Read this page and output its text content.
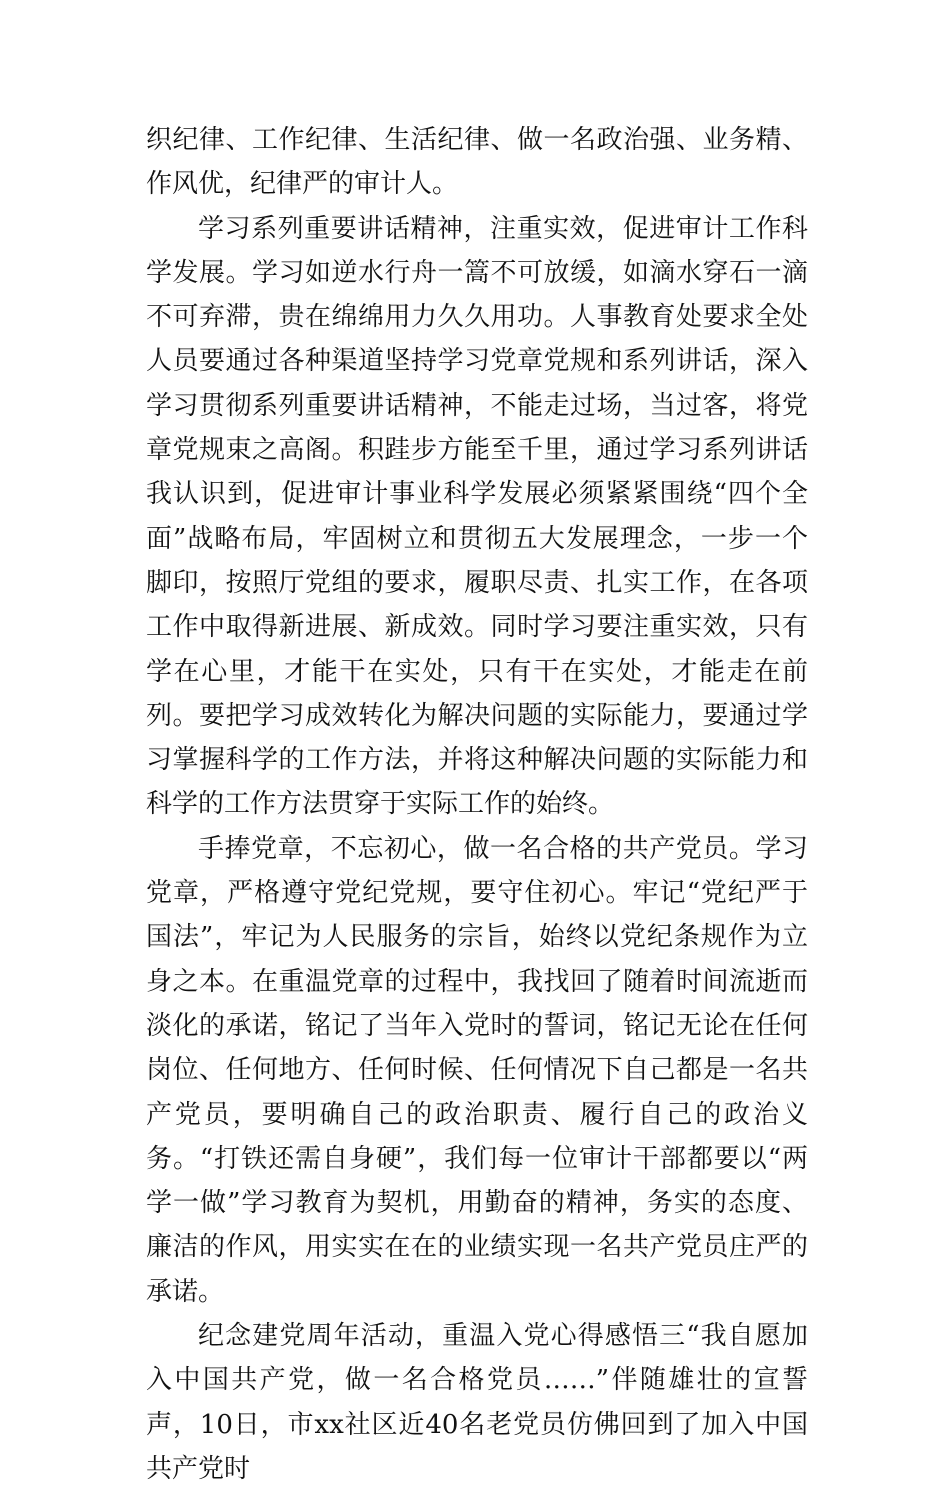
织纪律、工作纪律、生活纪律、做一名政治强、业务精、作风优，纪律严的审计人。

学习系列重要讲话精神，注重实效，促进审计工作科学发展。学习如逆水行舟一篙不可放缓，如滴水穿石一滴不可弃滞，贵在绵绵用力久久用功。人事教育处要求全处人员要通过各种渠道坚持学习党章党规和系列讲话，深入学习贯彻系列重要讲话精神，不能走过场，当过客，将党章党规束之高阁。积跬步方能至千里，通过学习系列讲话我认识到，促进审计事业科学发展必须紧紧围绕“四个全面”战略布局，牢固树立和贯彻五大发展理念，一步一个脚印，按照厅党组的要求，履职尽责、扎实工作，在各项工作中取得新进展、新成效。同时学习要注重实效，只有学在心里，才能干在实处，只有干在实处，才能走在前列。要把学习成效转化为解决问题的实际能力，要通过学习掌握科学的工作方法，并将这种解决问题的实际能力和科学的工作方法贯穿于实际工作的始终。

手捧党章，不忘初心，做一名合格的共产党员。学习党章，严格遵守党纪党规，要守住初心。牢记“党纪严于国法”，牢记为人民服务的宗旨，始终以党纪条规作为立身之本。在重温党章的过程中，我找回了随着时间流逝而淡化的承诺，铭记了当年入党时的誓词，铭记无论在任何岗位、任何地方、任何时候、任何情况下自己都是一名共产党员，要明确自己的政治职责、履行自己的政治义务。“打铁还需自身硬”，我们每一位审计干部都要以“两学一做”学习教育为契机，用勤奋的精神，务实的态度、廉洁的作风，用实实在在的业绩实现一名共产党员庄严的承诺。

纪念建党周年活动，重温入党心得感悟三“我自愿加入中国共产党，做一名合格党员……”伴随雄壮的宣誓声，10日，市xx社区近40名老党员仿佛回到了加入中国共产党时
